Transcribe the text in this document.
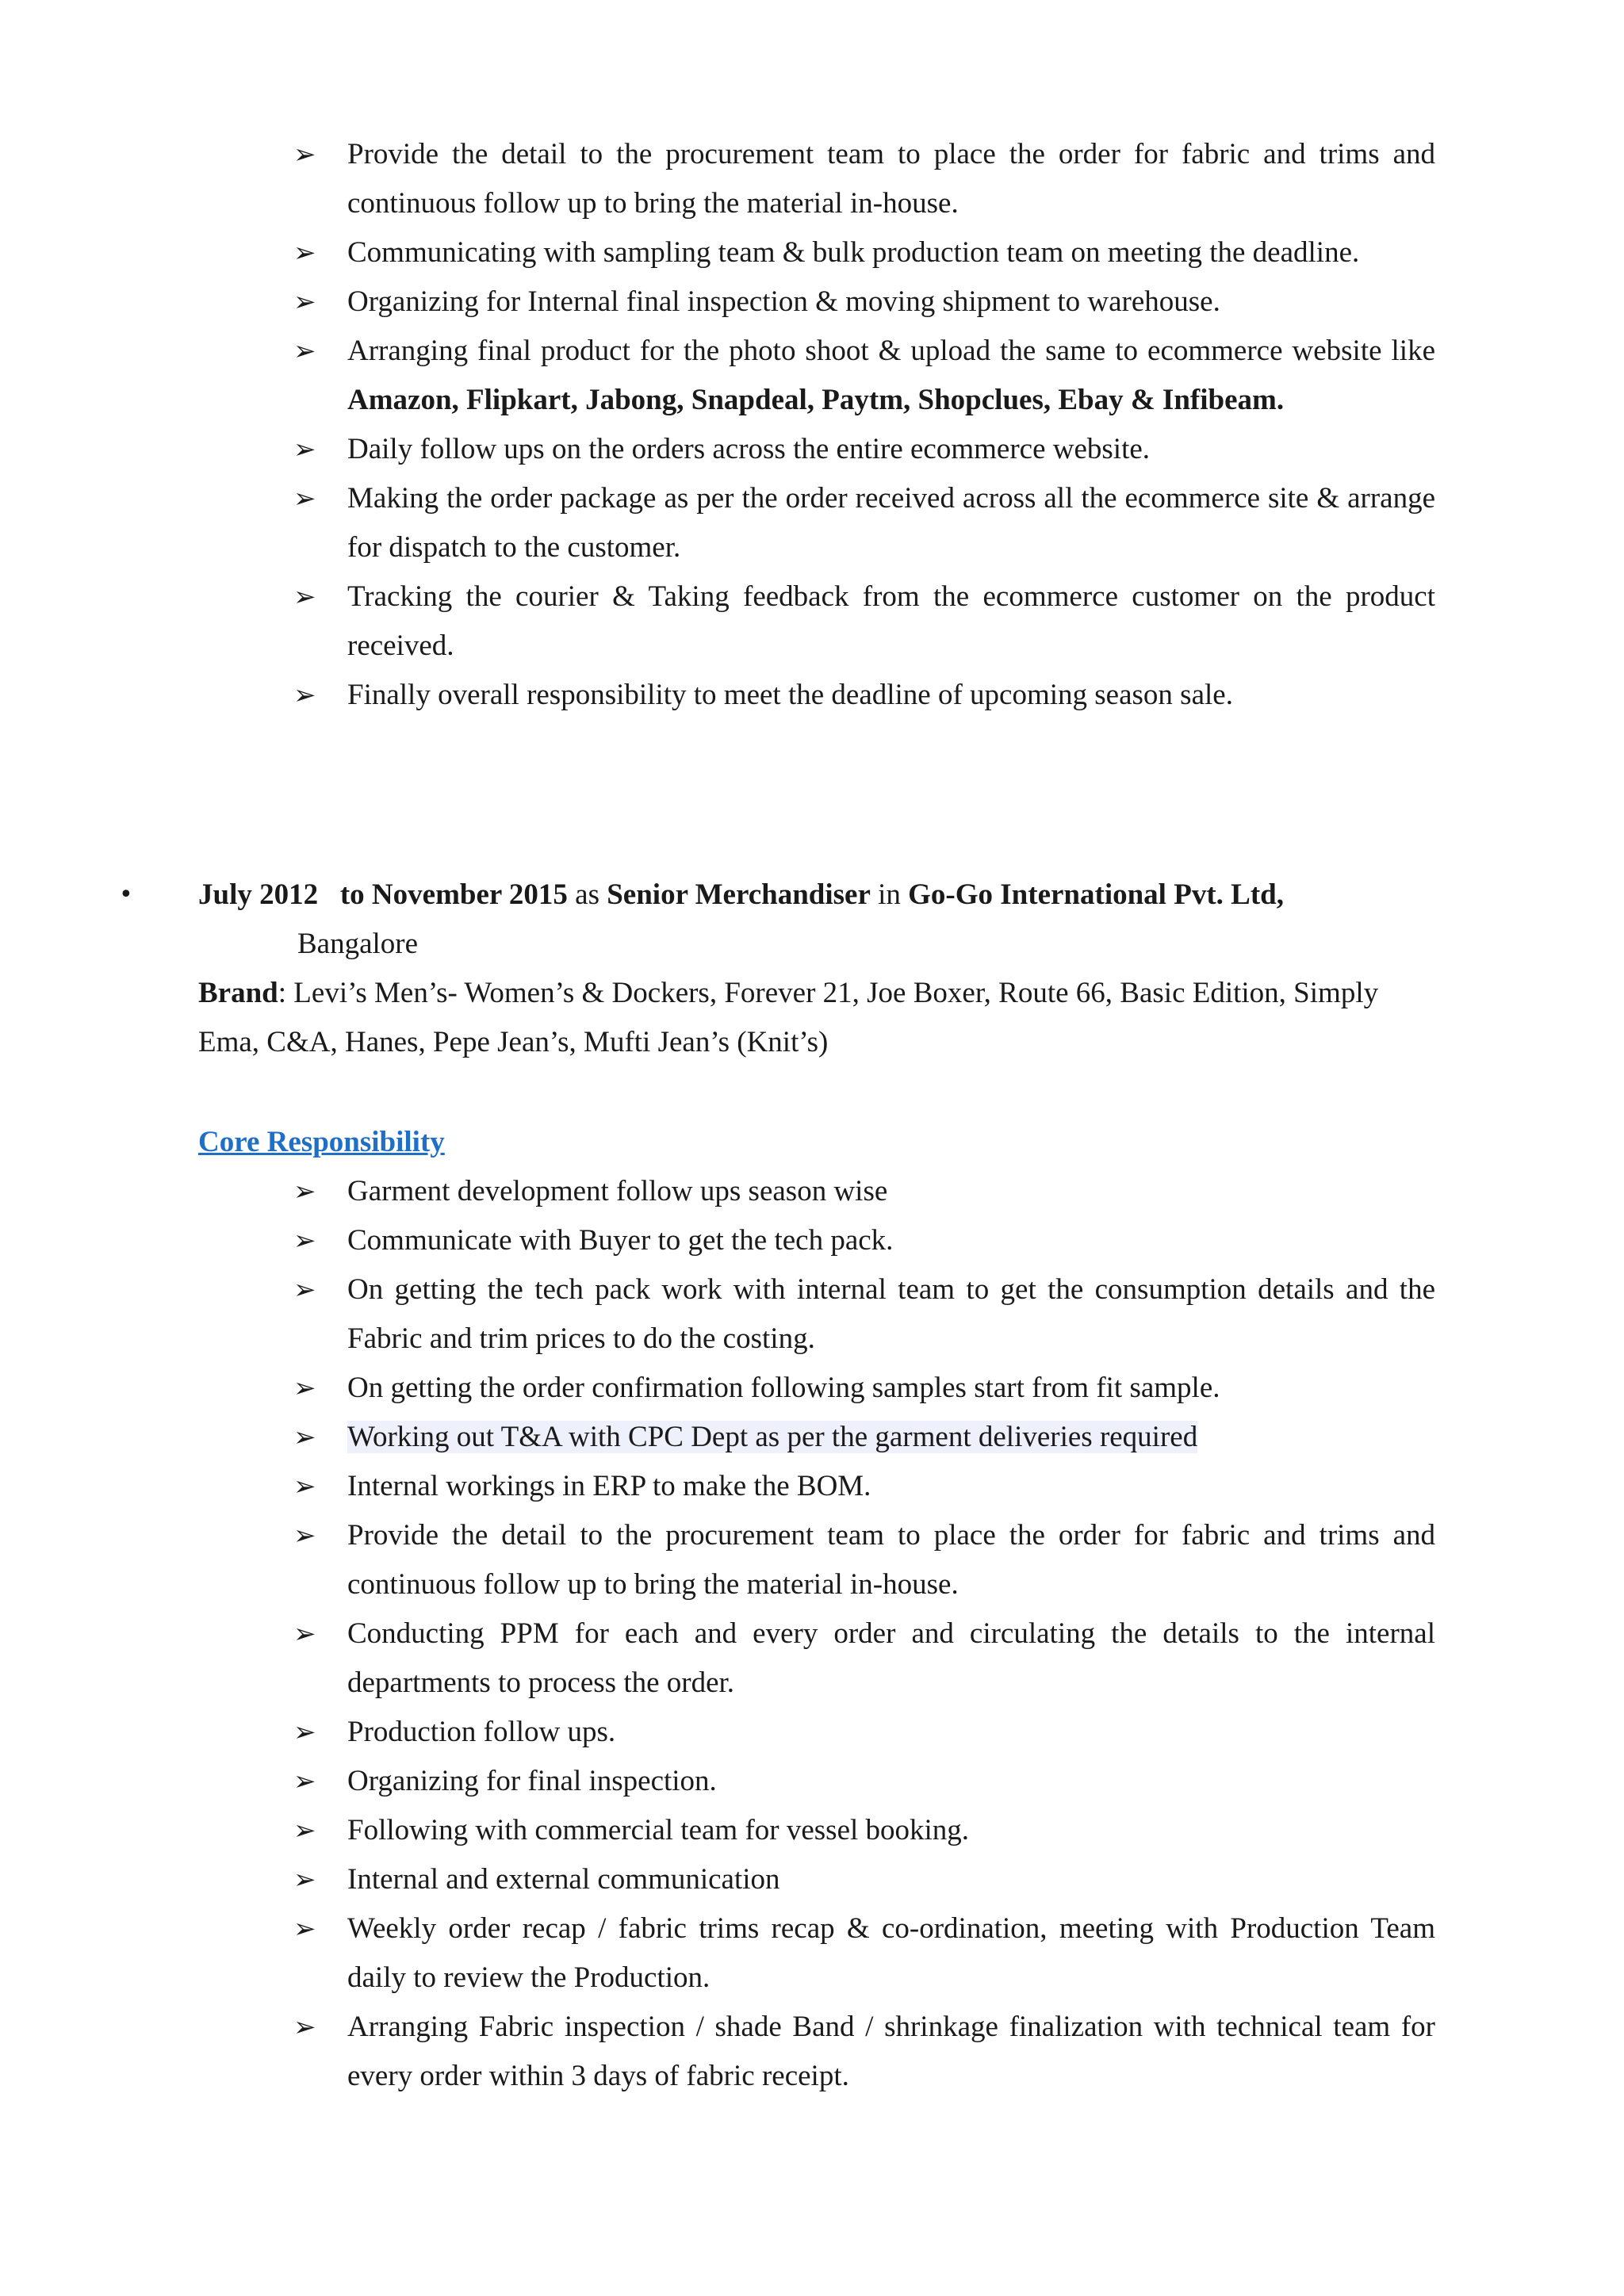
➢	Provide the detail to the procurement team to place the order for fabric and trims and continuous follow up to bring the material in-house.
➢	Communicating with sampling team & bulk production team on meeting the deadline.
➢	Organizing for Internal final inspection & moving shipment to warehouse.
➢	Arranging final product for the photo shoot & upload the same to ecommerce website like Amazon, Flipkart, Jabong, Snapdeal, Paytm, Shopclues, Ebay & Infibeam.
➢	Daily follow ups on the orders across the entire ecommerce website.
➢	Making the order package as per the order received across all the ecommerce site & arrange for dispatch to the customer.
➢	Tracking the courier & Taking feedback from the ecommerce customer on the product received.
➢	Finally overall responsibility to meet the deadline of upcoming season sale.
• July 2012 to November 2015 as Senior Merchandiser in Go-Go International Pvt. Ltd,
Bangalore
Brand: Levi’s Men’s- Women’s & Dockers, Forever 21, Joe Boxer, Route 66, Basic Edition, Simply Ema, C&A, Hanes, Pepe Jean’s, Mufti Jean’s (Knit’s)
Core Responsibility
➢	Garment development follow ups season wise
➢	Communicate with Buyer to get the tech pack.
➢	On getting the tech pack work with internal team to get the consumption details and the Fabric and trim prices to do the costing.
➢	On getting the order confirmation following samples start from fit sample.
➢	Working out T&A with CPC Dept as per the garment deliveries required
➢	Internal workings in ERP to make the BOM.
➢	Provide the detail to the procurement team to place the order for fabric and trims and continuous follow up to bring the material in-house.
➢	Conducting PPM for each and every order and circulating the details to the internal departments to process the order.
➢	Production follow ups.
➢	Organizing for final inspection.
➢	Following with commercial team for vessel booking.
➢	Internal and external communication
➢	Weekly order recap / fabric trims recap & co-ordination, meeting with Production Team daily to review the Production.
➢	Arranging Fabric inspection / shade Band / shrinkage finalization with technical team for every order within 3 days of fabric receipt.
